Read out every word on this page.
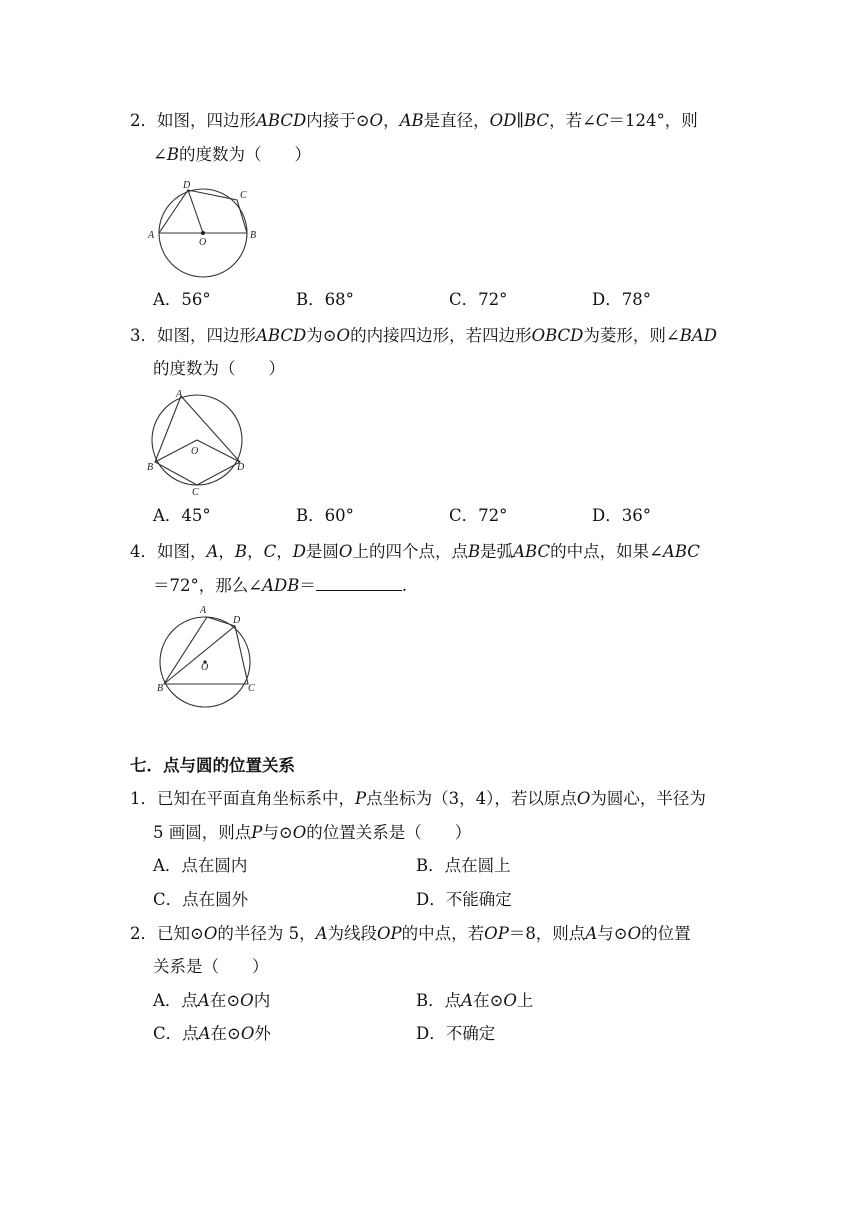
2．如图，四边形ABCD内接于⊙O，AB是直径，OD∥BC，若∠C＝124°，则
∠B的度数为（　　）
A	B
C
D
O
A．56°	B．68°	C．72°	D．78°
3．如图，四边形ABCD为⊙O的内接四边形，若四边形OBCD为菱形，则∠BAD
的度数为（　　）
A
B
C
D
O
A．45°	B．60°	C．72°	D．36°
4．如图，A，B，C，D是圆O上的四个点，点B是弧ABC的中点，如果∠ABC
＝72°，那么∠ADB＝	.
A
B	C
D
O
七．点与圆的位置关系
1．已知在平面直角坐标系中，P点坐标为（3，4），若以原点O为圆心，半径为
5 画圆，则点P与⊙O的位置关系是（　　）
A．点在圆内	B．点在圆上
C．点在圆外	D．不能确定
2．已知⊙O的半径为 5，A为线段OP的中点，若OP＝8，则点A与⊙O的位置
关系是（　　）
A．点A在⊙O内	B．点A在⊙O上
C．点A在⊙O外	D．不确定
